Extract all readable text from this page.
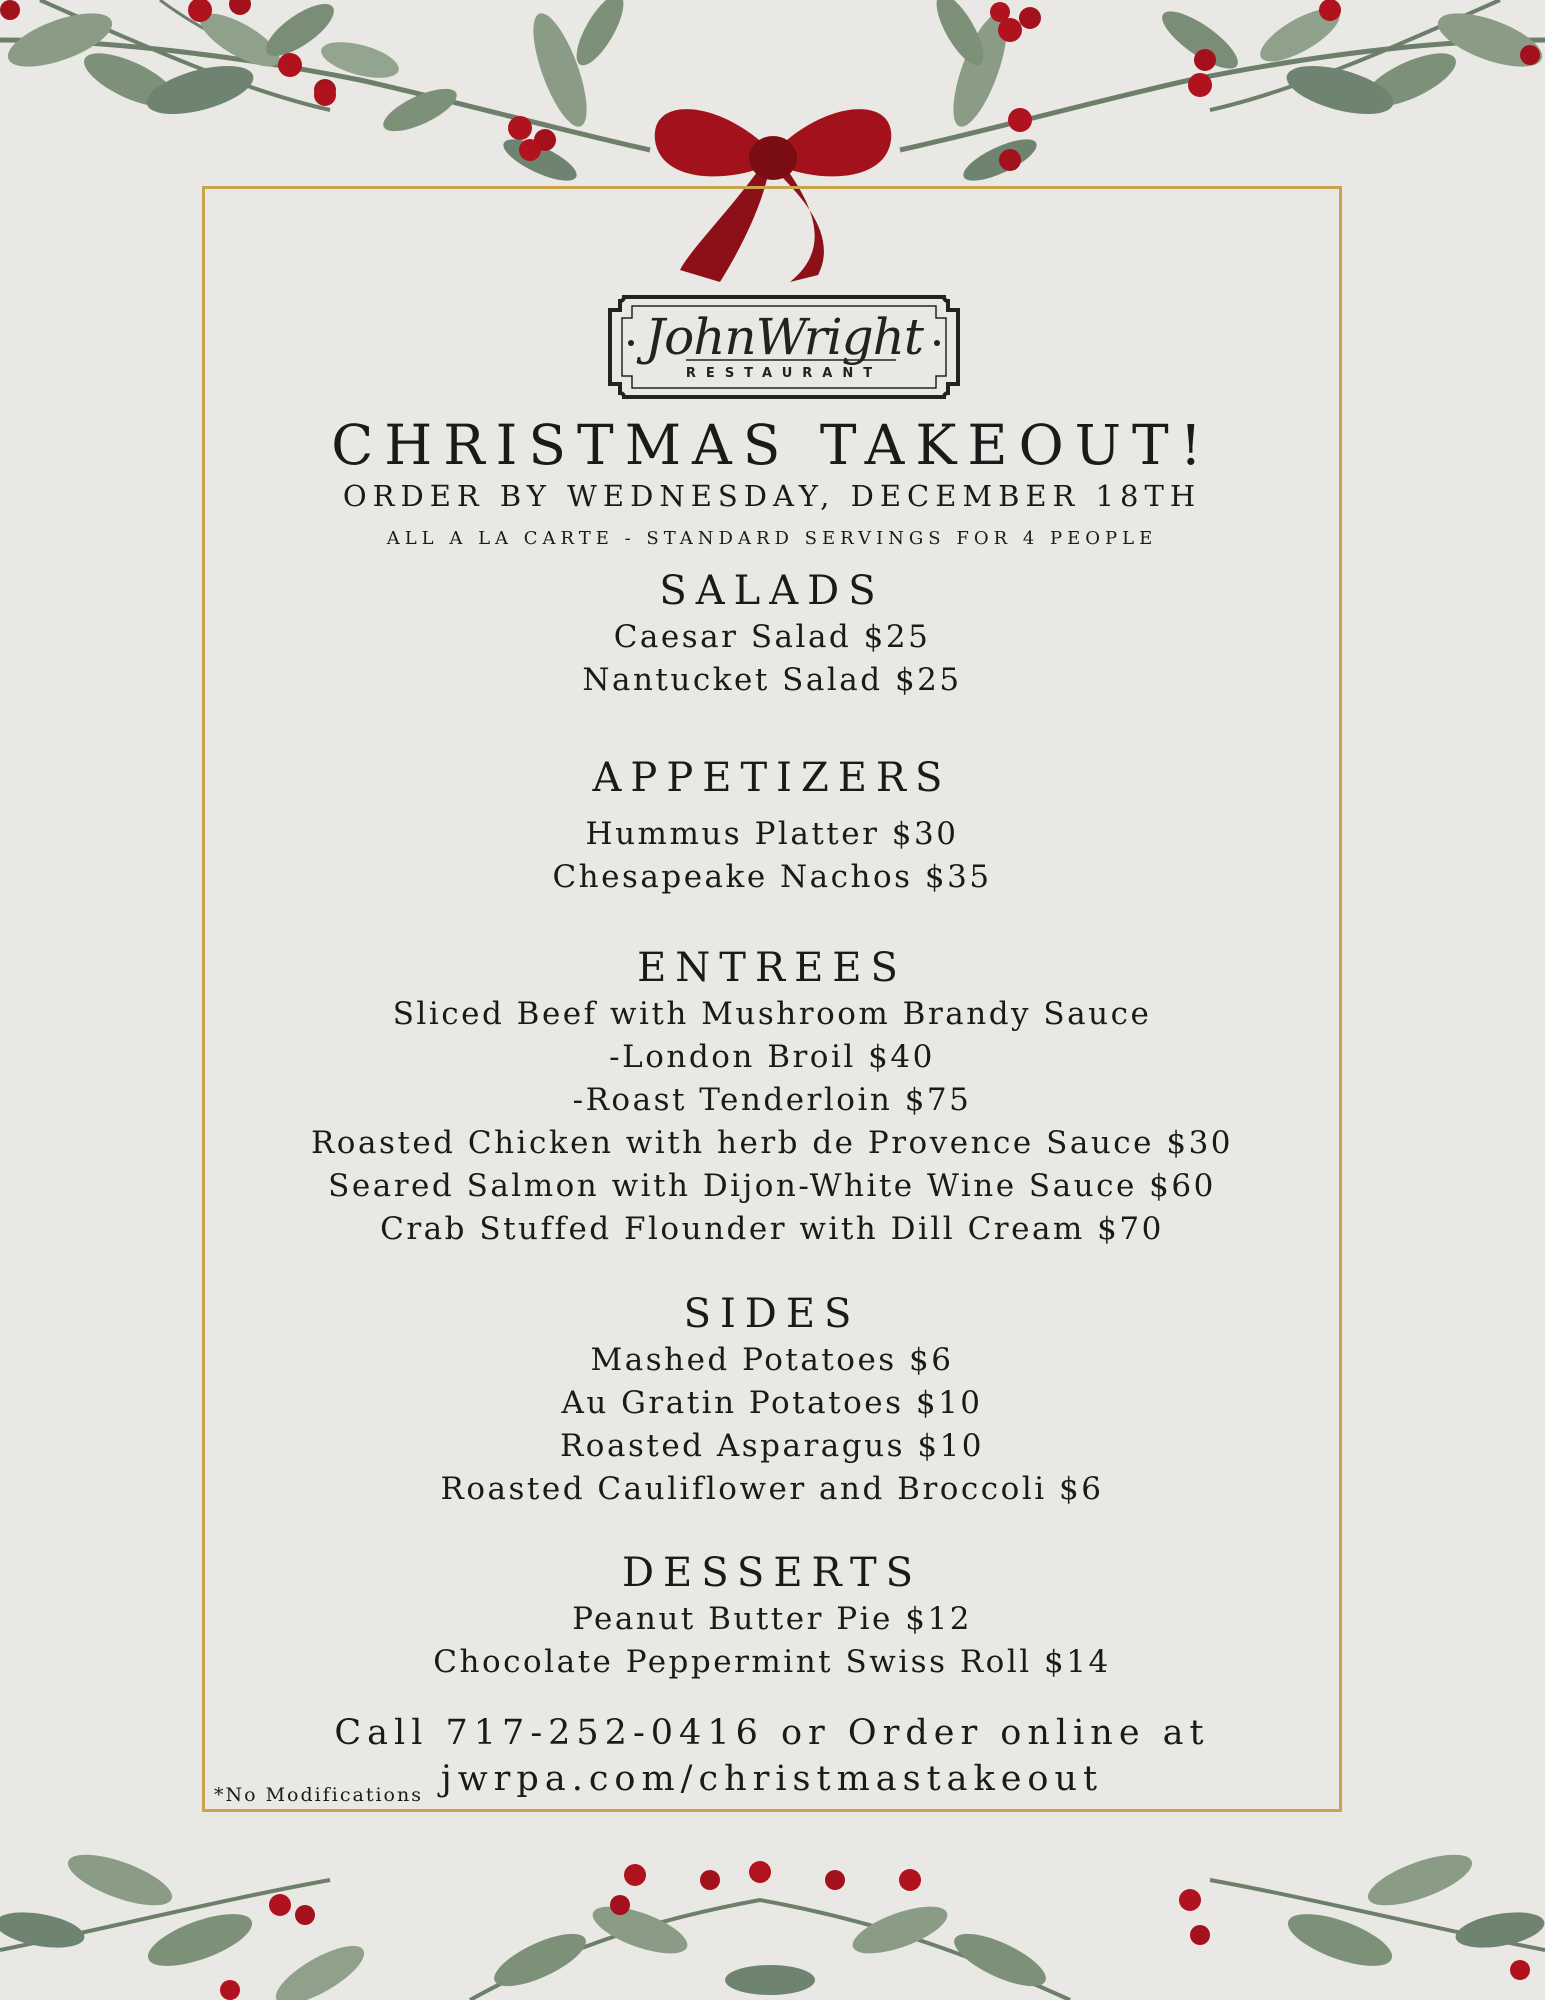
JohnWright
RESTAURANT
CHRISTMAS TAKEOUT!
ORDER BY WEDNESDAY, DECEMBER 18TH
ALL A LA CARTE - STANDARD SERVINGS FOR 4 PEOPLE
SALADS
Caesar Salad $25
Nantucket Salad $25
APPETIZERS
Hummus Platter $30
Chesapeake Nachos $35
ENTREES
Sliced Beef with Mushroom Brandy Sauce
-London Broil $40
-Roast Tenderloin $75
Roasted Chicken with herb de Provence Sauce $30
Seared Salmon with Dijon-White Wine Sauce $60
Crab Stuffed Flounder with Dill Cream $70
SIDES
Mashed Potatoes $6
Au Gratin Potatoes $10
Roasted Asparagus $10
Roasted Cauliflower and Broccoli $6
DESSERTS
Peanut Butter Pie $12
Chocolate Peppermint Swiss Roll $14
Call 717-252-0416 or Order online at
jwrpa.com/christmastakeout
*No Modifications
